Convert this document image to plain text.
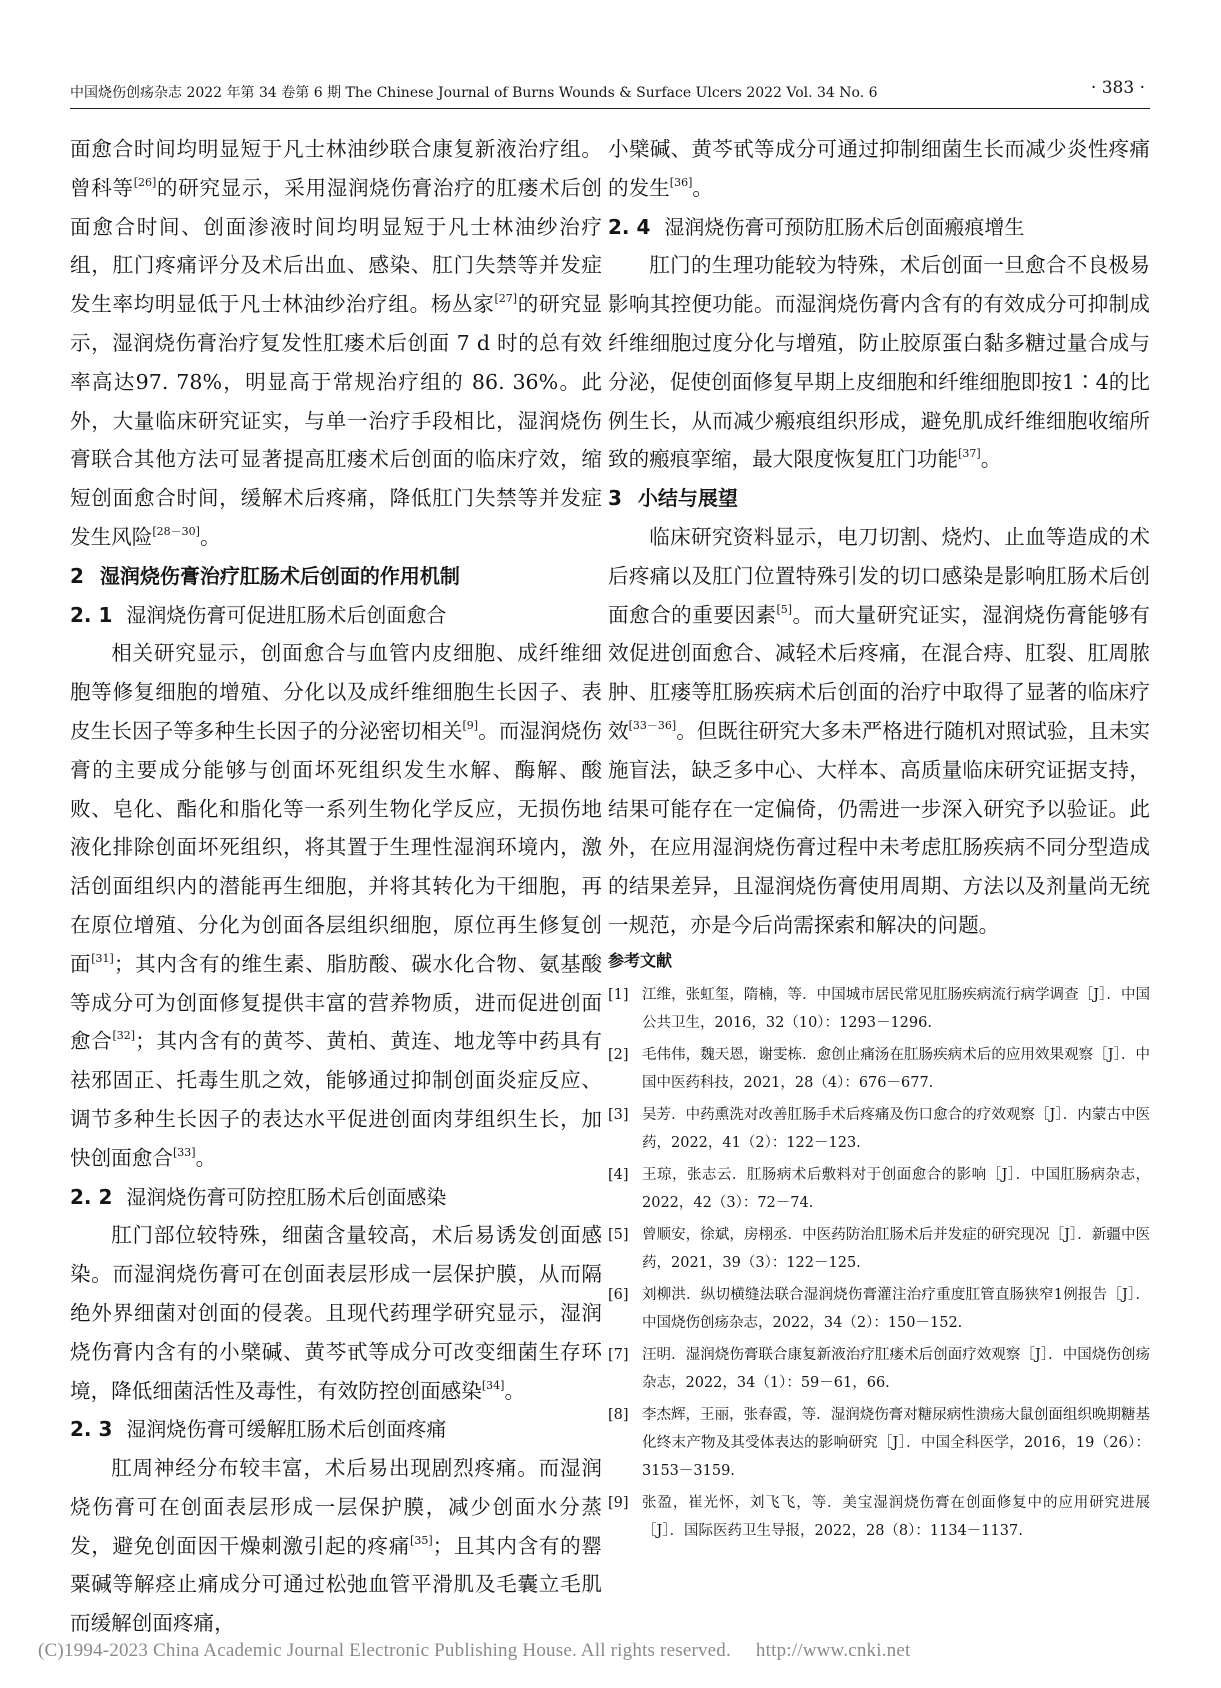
中国烧伤创疡杂志 2022 年第 34 卷第 6 期 The Chinese Journal of Burns Wounds & Surface Ulcers 2022 Vol. 34 No. 6	· 383 ·

面愈合时间均明显短于凡士林油纱联合康复新液治疗组。曾科等[26]的研究显示，采用湿润烧伤膏治疗的肛瘘术后创面愈合时间、创面渗液时间均明显短于凡士林油纱治疗组，肛门疼痛评分及术后出血、感染、肛门失禁等并发症发生率均明显低于凡士林油纱治疗组。杨丛家[27]的研究显示，湿润烧伤膏治疗复发性肛瘘术后创面 7 d 时的总有效率高达97. 78%，明显高于常规治疗组的 86. 36%。此外，大量临床研究证实，与单一治疗手段相比，湿润烧伤膏联合其他方法可显著提高肛瘘术后创面的临床疗效，缩短创面愈合时间，缓解术后疼痛，降低肛门失禁等并发症发生风险[28－30]。

2 湿润烧伤膏治疗肛肠术后创面的作用机制
2. 1 湿润烧伤膏可促进肛肠术后创面愈合

相关研究显示，创面愈合与血管内皮细胞、成纤维细胞等修复细胞的增殖、分化以及成纤维细胞生长因子、表皮生长因子等多种生长因子的分泌密切相关[9]。而湿润烧伤膏的主要成分能够与创面坏死组织发生水解、酶解、酸败、皂化、酯化和脂化等一系列生物化学反应，无损伤地液化排除创面坏死组织，将其置于生理性湿润环境内，激活创面组织内的潜能再生细胞，并将其转化为干细胞，再在原位增殖、分化为创面各层组织细胞，原位再生修复创面[31]；其内含有的维生素、脂肪酸、碳水化合物、氨基酸等成分可为创面修复提供丰富的营养物质，进而促进创面愈合[32]；其内含有的黄芩、黄柏、黄连、地龙等中药具有祛邪固正、托毒生肌之效，能够通过抑制创面炎症反应、调节多种生长因子的表达水平促进创面肉芽组织生长，加快创面愈合[33]。

2. 2 湿润烧伤膏可防控肛肠术后创面感染

肛门部位较特殊，细菌含量较高，术后易诱发创面感染。而湿润烧伤膏可在创面表层形成一层保护膜，从而隔绝外界细菌对创面的侵袭。且现代药理学研究显示，湿润烧伤膏内含有的小檗碱、黄芩甙等成分可改变细菌生存环境，降低细菌活性及毒性，有效防控创面感染[34]。

2. 3 湿润烧伤膏可缓解肛肠术后创面疼痛

肛周神经分布较丰富，术后易出现剧烈疼痛。而湿润烧伤膏可在创面表层形成一层保护膜，减少创面水分蒸发，避免创面因干燥刺激引起的疼痛[35]；且其内含有的罂粟碱等解痉止痛成分可通过松弛血管平滑肌及毛囊立毛肌而缓解创面疼痛，

小檗碱、黄芩甙等成分可通过抑制细菌生长而减少炎性疼痛的发生[36]。

2. 4 湿润烧伤膏可预防肛肠术后创面瘢痕增生

肛门的生理功能较为特殊，术后创面一旦愈合不良极易影响其控便功能。而湿润烧伤膏内含有的有效成分可抑制成纤维细胞过度分化与增殖，防止胶原蛋白黏多糖过量合成与分泌，促使创面修复早期上皮细胞和纤维细胞即按1∶4的比例生长，从而减少瘢痕组织形成，避免肌成纤维细胞收缩所致的瘢痕挛缩，最大限度恢复肛门功能[37]。

3 小结与展望

临床研究资料显示，电刀切割、烧灼、止血等造成的术后疼痛以及肛门位置特殊引发的切口感染是影响肛肠术后创面愈合的重要因素[5]。而大量研究证实，湿润烧伤膏能够有效促进创面愈合、减轻术后疼痛，在混合痔、肛裂、肛周脓肿、肛瘘等肛肠疾病术后创面的治疗中取得了显著的临床疗效[33－36]。但既往研究大多未严格进行随机对照试验，且未实施盲法，缺乏多中心、大样本、高质量临床研究证据支持，结果可能存在一定偏倚，仍需进一步深入研究予以验证。此外，在应用湿润烧伤膏过程中未考虑肛肠疾病不同分型造成的结果差异，且湿润烧伤膏使用周期、方法以及剂量尚无统一规范，亦是今后尚需探索和解决的问题。

参考文献
[1] 江维，张虹玺，隋楠，等．中国城市居民常见肛肠疾病流行病学调查［J］．中国公共卫生，2016，32（10）：1293－1296.
[2] 毛伟伟，魏天恩，谢雯栋．愈创止痛汤在肛肠疾病术后的应用效果观察［J］．中国中医药科技，2021，28（4）：676－677.
[3] 吴芳．中药熏洗对改善肛肠手术后疼痛及伤口愈合的疗效观察［J］．内蒙古中医药，2022，41（2）：122－123.
[4] 王琼，张志云．肛肠病术后敷料对于创面愈合的影响［J］．中国肛肠病杂志，2022，42（3）：72－74.
[5] 曾顺安，徐斌，房栩丞．中医药防治肛肠术后并发症的研究现况［J］．新疆中医药，2021，39（3）：122－125.
[6] 刘柳洪．纵切横缝法联合湿润烧伤膏灌注治疗重度肛管直肠狭窄1例报告［J］．中国烧伤创疡杂志，2022，34（2）：150－152.
[7] 汪明．湿润烧伤膏联合康复新液治疗肛瘘术后创面疗效观察［J］．中国烧伤创疡杂志，2022，34（1）：59－61，66.
[8] 李杰辉，王丽，张春霞，等．湿润烧伤膏对糖尿病性溃疡大鼠创面组织晚期糖基化终末产物及其受体表达的影响研究［J］．中国全科医学，2016，19（26）：3153－3159.
[9] 张盈，崔光怀，刘飞飞，等．美宝湿润烧伤膏在创面修复中的应用研究进展［J］．国际医药卫生导报，2022，28（8）：1134－1137.
(C)1994-2023 China Academic Journal Electronic Publishing House. All rights reserved. http://www.cnki.net
